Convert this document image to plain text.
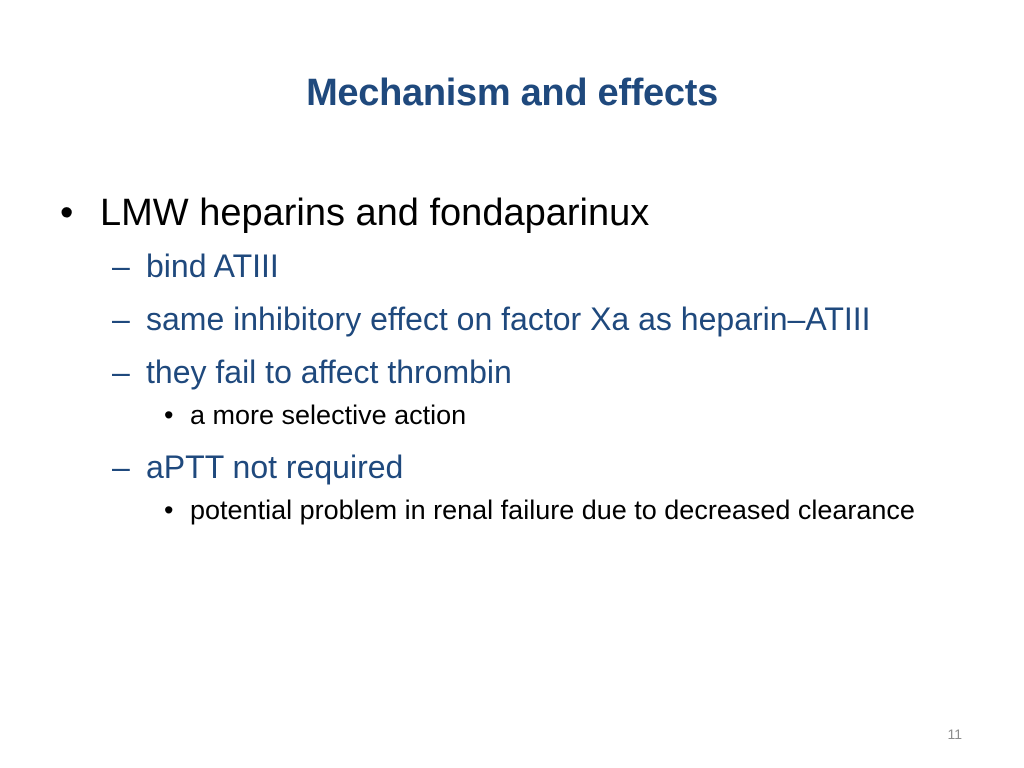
Mechanism and effects
• LMW heparins and fondaparinux
– bind ATIII
– same inhibitory effect on factor Xa as heparin–ATIII
– they fail to affect thrombin
• a more selective action
– aPTT not required
• potential problem in renal failure due to decreased clearance
11
